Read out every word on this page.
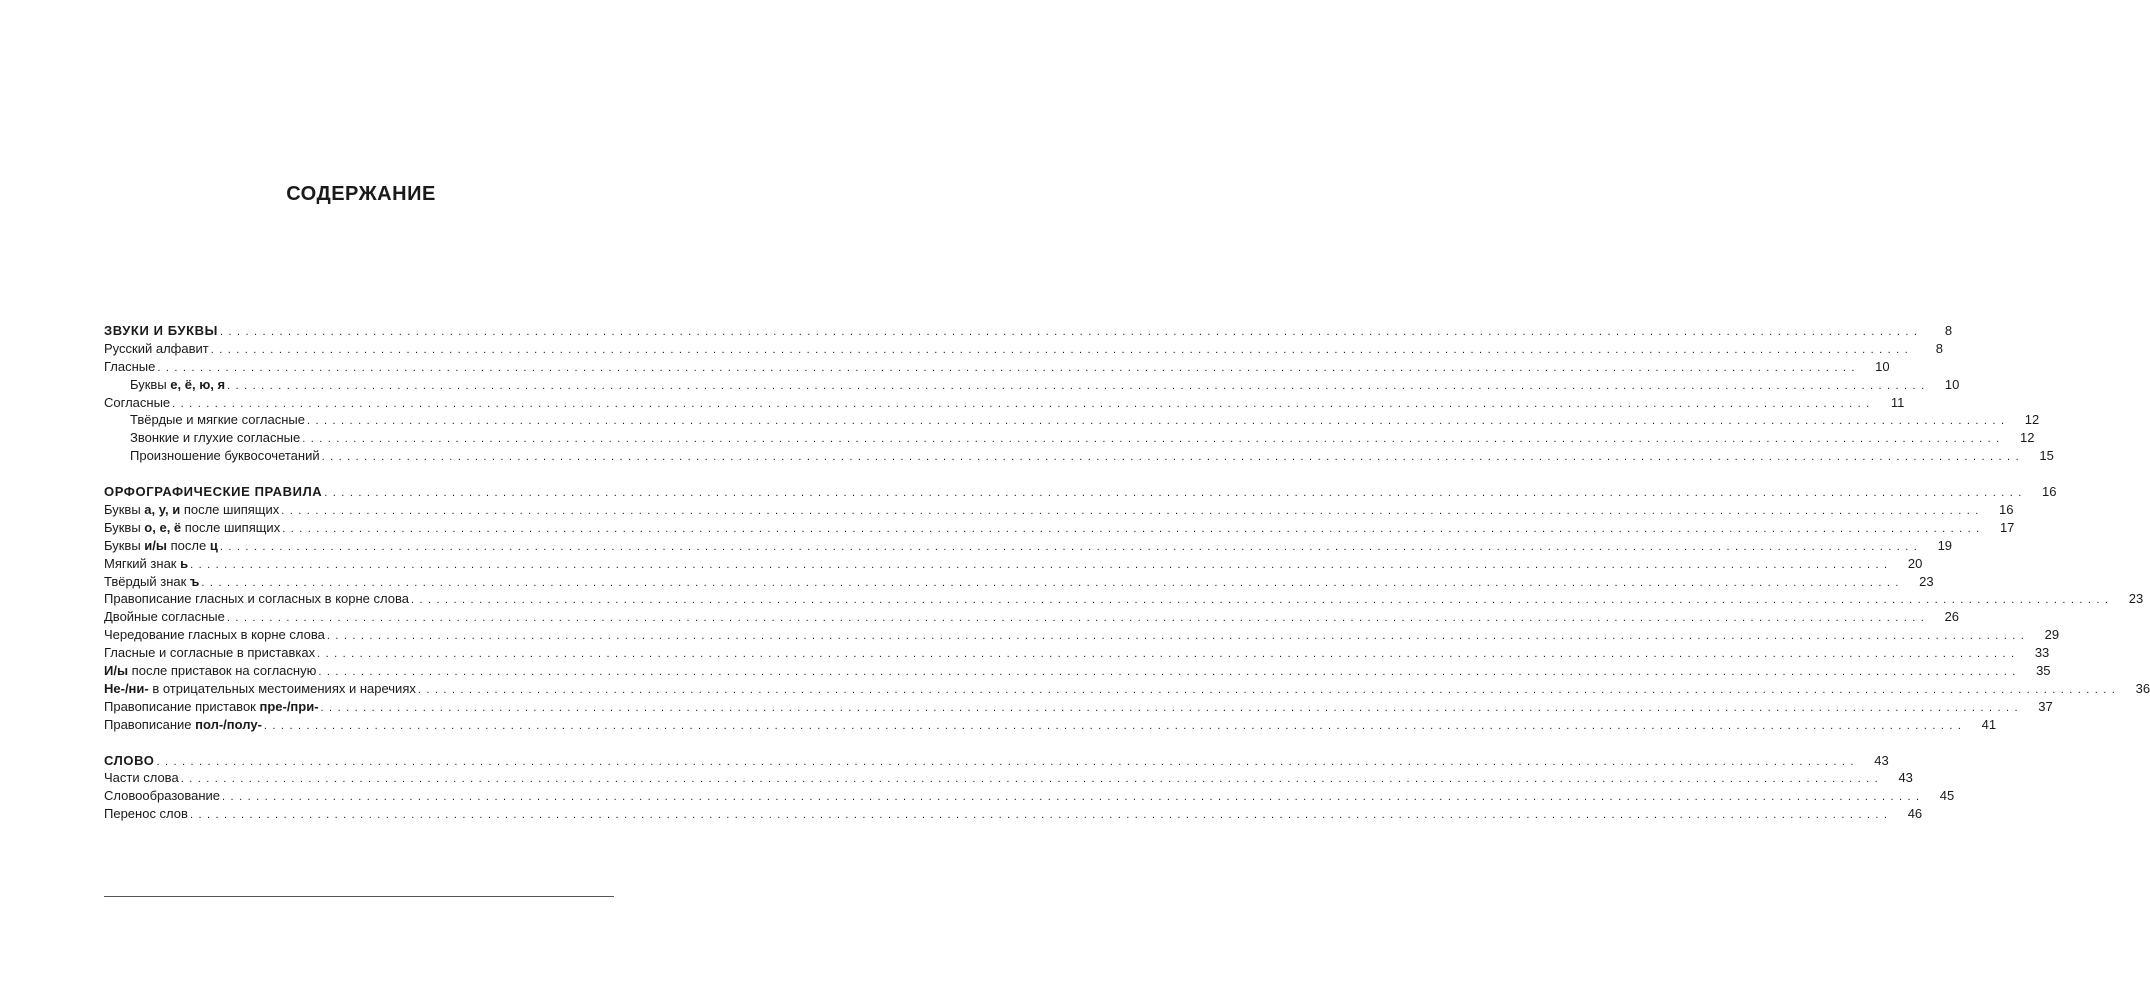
СОДЕРЖАНИЕ
ЗВУКИ И БУКВЫ . . . . . . . . . . . . . . . . . . . . . . . . . . . . . . . . . . . . . . . . . . . . . . . . . . . . . . . . . . . . . . . . . . . . . . . . . . . . . . . . . . . . . . . . . . . . . . . . . . . . . . . . . . . . . . . . . . . . . . . . . . . . . . . . . . . . . . . . . . . . . . . . . . . . . . . . . . . . . . . . . . . . . . . . . . . . . . . . . . . . . . . . . . . . . . . . . . . . . . . .	8
Русский алфавит . . . . . . . . . . . . . . . . . . . . . . . . . . . . . . . . . . . . . . . . . . . . . . . . . . . . . . . . . . . . . . . . . . . . . . . . . . . . . . . . . . . . . . . . . . . . . . . . . . . . . . . . . . . . . . . . . . . . . . . . . . . . . . . . . . . . . . . . . . . . . . . . . . . . . . . . . . . . . . . . . . . . . . . . . . . . . . . . . . . . . . . . . . . . . . . . . . . . . . . .	8
Гласные . . . . . . . . . . . . . . . . . . . . . . . . . . . . . . . . . . . . . . . . . . . . . . . . . . . . . . . . . . . . . . . . . . . . . . . . . . . . . . . . . . . . . . . . . . . . . . . . . . . . . . . . . . . . . . . . . . . . . . . . . . . . . . . . . . . . . . . . . . . . . . . . . . . . . . . . . . . . . . . . . . . . . . . . . . . . . . . . . . . . . . . . . . . . . . . . . . . . . . . .	10
Буквы е, ё, ю, я . . . . . . . . . . . . . . . . . . . . . . . . . . . . . . . . . . . . . . . . . . . . . . . . . . . . . . . . . . . . . . . . . . . . . . . . . . . . . . . . . . . . . . . . . . . . . . . . . . . . . . . . . . . . . . . . . . . . . . . . . . . . . . . . . . . . . . . . . . . . . . . . . . . . . . . . . . . . . . . . . . . . . . . . . . . . . . . . . . . . . . . . . . . . . . . . . . . . . . . .	10
Согласные . . . . . . . . . . . . . . . . . . . . . . . . . . . . . . . . . . . . . . . . . . . . . . . . . . . . . . . . . . . . . . . . . . . . . . . . . . . . . . . . . . . . . . . . . . . . . . . . . . . . . . . . . . . . . . . . . . . . . . . . . . . . . . . . . . . . . . . . . . . . . . . . . . . . . . . . . . . . . . . . . . . . . . . . . . . . . . . . . . . . . . . . . . . . . . . . . . . . . . . .	11
Твёрдые и мягкие согласные . . . . . . . . . . . . . . . . . . . . . . . . . . . . . . . . . . . . . . . . . . . . . . . . . . . . . . . . . . . . . . . . . . . . . . . . . . . . . . . . . . . . . . . . . . . . . . . . . . . . . . . . . . . . . . . . . . . . . . . . . . . . . . . . . . . . . . . . . . . . . . . . . . . . . . . . . . . . . . . . . . . . . . . . . . . . . . . . . . . . . . . . . . . . . . . . . . . . . . . .	12
Звонкие и глухие согласные . . . . . . . . . . . . . . . . . . . . . . . . . . . . . . . . . . . . . . . . . . . . . . . . . . . . . . . . . . . . . . . . . . . . . . . . . . . . . . . . . . . . . . . . . . . . . . . . . . . . . . . . . . . . . . . . . . . . . . . . . . . . . . . . . . . . . . . . . . . . . . . . . . . . . . . . . . . . . . . . . . . . . . . . . . . . . . . . . . . . . . . . . . . . . . . . . . . . . . . .	12
Произношение буквосочетаний . . . . . . . . . . . . . . . . . . . . . . . . . . . . . . . . . . . . . . . . . . . . . . . . . . . . . . . . . . . . . . . . . . . . . . . . . . . . . . . . . . . . . . . . . . . . . . . . . . . . . . . . . . . . . . . . . . . . . . . . . . . . . . . . . . . . . . . . . . . . . . . . . . . . . . . . . . . . . . . . . . . . . . . . . . . . . . . . . . . . . . . . . . . . . . . . . . . . . . . .	15
ОРФОГРАФИЧЕСКИЕ ПРАВИЛА . . . . . . . . . . . . . . . . . . . . . . . . . . . . . . . . . . . . . . . . . . . . . . . . . . . . . . . . . . . . . . . . . . . . . . . . . . . . . . . . . . . . . . . . . . . . . . . . . . . . . . . . . . . . . . . . . . . . . . . . . . . . . . . . . . . . . . . . . . . . . . . . . . . . . . . . . . . . . . . . . . . . . . . . . . . . . . . . . . . . . . . . . . . . . . . . . . . . . . . .	16
Буквы а, у, и после шипящих . . . . . . . . . . . . . . . . . . . . . . . . . . . . . . . . . . . . . . . . . . . . . . . . . . . . . . . . . . . . . . . . . . . . . . . . . . . . . . . . . . . . . . . . . . . . . . . . . . . . . . . . . . . . . . . . . . . . . . . . . . . . . . . . . . . . . . . . . . . . . . . . . . . . . . . . . . . . . . . . . . . . . . . . . . . . . . . . . . . . . . . . . . . . . . . . . . . . . . . .	16
Буквы о, е, ё после шипящих . . . . . . . . . . . . . . . . . . . . . . . . . . . . . . . . . . . . . . . . . . . . . . . . . . . . . . . . . . . . . . . . . . . . . . . . . . . . . . . . . . . . . . . . . . . . . . . . . . . . . . . . . . . . . . . . . . . . . . . . . . . . . . . . . . . . . . . . . . . . . . . . . . . . . . . . . . . . . . . . . . . . . . . . . . . . . . . . . . . . . . . . . . . . . . . . . . . . . . . .	17
Буквы и/ы после ц . . . . . . . . . . . . . . . . . . . . . . . . . . . . . . . . . . . . . . . . . . . . . . . . . . . . . . . . . . . . . . . . . . . . . . . . . . . . . . . . . . . . . . . . . . . . . . . . . . . . . . . . . . . . . . . . . . . . . . . . . . . . . . . . . . . . . . . . . . . . . . . . . . . . . . . . . . . . . . . . . . . . . . . . . . . . . . . . . . . . . . . . . . . . . . . . . . . . . . . .	19
Мягкий знак ь . . . . . . . . . . . . . . . . . . . . . . . . . . . . . . . . . . . . . . . . . . . . . . . . . . . . . . . . . . . . . . . . . . . . . . . . . . . . . . . . . . . . . . . . . . . . . . . . . . . . . . . . . . . . . . . . . . . . . . . . . . . . . . . . . . . . . . . . . . . . . . . . . . . . . . . . . . . . . . . . . . . . . . . . . . . . . . . . . . . . . . . . . . . . . . . . . . . . . . . .	20
Твёрдый знак ъ . . . . . . . . . . . . . . . . . . . . . . . . . . . . . . . . . . . . . . . . . . . . . . . . . . . . . . . . . . . . . . . . . . . . . . . . . . . . . . . . . . . . . . . . . . . . . . . . . . . . . . . . . . . . . . . . . . . . . . . . . . . . . . . . . . . . . . . . . . . . . . . . . . . . . . . . . . . . . . . . . . . . . . . . . . . . . . . . . . . . . . . . . . . . . . . . . . . . . . . .	23
Правописание гласных и согласных в корне слова . . . . . . . . . . . . . . . . . . . . . . . . . . . . . . . . . . . . . . . . . . . . . . . . . . . . . . . . . . . . . . . . . . . . . . . . . . . . . . . . . . . . . . . . . . . . . . . . . . . . . . . . . . . . . . . . . . . . . . . . . . . . . . . . . . . . . . . . . . . . . . . . . . . . . . . . . . . . . . . . . . . . . . . . . . . . . . . . . . . . . . . . . . . . . . . . . . . . . . . .	23
Двойные согласные . . . . . . . . . . . . . . . . . . . . . . . . . . . . . . . . . . . . . . . . . . . . . . . . . . . . . . . . . . . . . . . . . . . . . . . . . . . . . . . . . . . . . . . . . . . . . . . . . . . . . . . . . . . . . . . . . . . . . . . . . . . . . . . . . . . . . . . . . . . . . . . . . . . . . . . . . . . . . . . . . . . . . . . . . . . . . . . . . . . . . . . . . . . . . . . . . . . . . . . .	26
Чередование гласных в корне слова . . . . . . . . . . . . . . . . . . . . . . . . . . . . . . . . . . . . . . . . . . . . . . . . . . . . . . . . . . . . . . . . . . . . . . . . . . . . . . . . . . . . . . . . . . . . . . . . . . . . . . . . . . . . . . . . . . . . . . . . . . . . . . . . . . . . . . . . . . . . . . . . . . . . . . . . . . . . . . . . . . . . . . . . . . . . . . . . . . . . . . . . . . . . . . . . . . . . . . . .	29
Гласные и согласные в приставках . . . . . . . . . . . . . . . . . . . . . . . . . . . . . . . . . . . . . . . . . . . . . . . . . . . . . . . . . . . . . . . . . . . . . . . . . . . . . . . . . . . . . . . . . . . . . . . . . . . . . . . . . . . . . . . . . . . . . . . . . . . . . . . . . . . . . . . . . . . . . . . . . . . . . . . . . . . . . . . . . . . . . . . . . . . . . . . . . . . . . . . . . . . . . . . . . . . . . . . .	33
И/ы после приставок на согласную . . . . . . . . . . . . . . . . . . . . . . . . . . . . . . . . . . . . . . . . . . . . . . . . . . . . . . . . . . . . . . . . . . . . . . . . . . . . . . . . . . . . . . . . . . . . . . . . . . . . . . . . . . . . . . . . . . . . . . . . . . . . . . . . . . . . . . . . . . . . . . . . . . . . . . . . . . . . . . . . . . . . . . . . . . . . . . . . . . . . . . . . . . . . . . . . . . . . . . . .	35
Не-/ни- в отрицательных местоимениях и наречиях . . . . . . . . . . . . . . . . . . . . . . . . . . . . . . . . . . . . . . . . . . . . . . . . . . . . . . . . . . . . . . . . . . . . . . . . . . . . . . . . . . . . . . . . . . . . . . . . . . . . . . . . . . . . . . . . . . . . . . . . . . . . . . . . . . . . . . . . . . . . . . . . . . . . . . . . . . . . . . . . . . . . . . . . . . . . . . . . . . . . . . . . . . . . . . . . . . . . . . . .	36
Правописание приставок пре-/при- . . . . . . . . . . . . . . . . . . . . . . . . . . . . . . . . . . . . . . . . . . . . . . . . . . . . . . . . . . . . . . . . . . . . . . . . . . . . . . . . . . . . . . . . . . . . . . . . . . . . . . . . . . . . . . . . . . . . . . . . . . . . . . . . . . . . . . . . . . . . . . . . . . . . . . . . . . . . . . . . . . . . . . . . . . . . . . . . . . . . . . . . . . . . . . . . . . . . . . . .	37
Правописание пол-/полу- . . . . . . . . . . . . . . . . . . . . . . . . . . . . . . . . . . . . . . . . . . . . . . . . . . . . . . . . . . . . . . . . . . . . . . . . . . . . . . . . . . . . . . . . . . . . . . . . . . . . . . . . . . . . . . . . . . . . . . . . . . . . . . . . . . . . . . . . . . . . . . . . . . . . . . . . . . . . . . . . . . . . . . . . . . . . . . . . . . . . . . . . . . . . . . . . . . . . . . . .	41
СЛОВО . . . . . . . . . . . . . . . . . . . . . . . . . . . . . . . . . . . . . . . . . . . . . . . . . . . . . . . . . . . . . . . . . . . . . . . . . . . . . . . . . . . . . . . . . . . . . . . . . . . . . . . . . . . . . . . . . . . . . . . . . . . . . . . . . . . . . . . . . . . . . . . . . . . . . . . . . . . . . . . . . . . . . . . . . . . . . . . . . . . . . . . . . . . . . . . . . . . . . . . .	43
Части слова . . . . . . . . . . . . . . . . . . . . . . . . . . . . . . . . . . . . . . . . . . . . . . . . . . . . . . . . . . . . . . . . . . . . . . . . . . . . . . . . . . . . . . . . . . . . . . . . . . . . . . . . . . . . . . . . . . . . . . . . . . . . . . . . . . . . . . . . . . . . . . . . . . . . . . . . . . . . . . . . . . . . . . . . . . . . . . . . . . . . . . . . . . . . . . . . . . . . . . . .	43
Словообразование . . . . . . . . . . . . . . . . . . . . . . . . . . . . . . . . . . . . . . . . . . . . . . . . . . . . . . . . . . . . . . . . . . . . . . . . . . . . . . . . . . . . . . . . . . . . . . . . . . . . . . . . . . . . . . . . . . . . . . . . . . . . . . . . . . . . . . . . . . . . . . . . . . . . . . . . . . . . . . . . . . . . . . . . . . . . . . . . . . . . . . . . . . . . . . . . . . . . . . . .	45
Перенос слов . . . . . . . . . . . . . . . . . . . . . . . . . . . . . . . . . . . . . . . . . . . . . . . . . . . . . . . . . . . . . . . . . . . . . . . . . . . . . . . . . . . . . . . . . . . . . . . . . . . . . . . . . . . . . . . . . . . . . . . . . . . . . . . . . . . . . . . . . . . . . . . . . . . . . . . . . . . . . . . . . . . . . . . . . . . . . . . . . . . . . . . . . . . . . . . . . . . . . . . .	46
